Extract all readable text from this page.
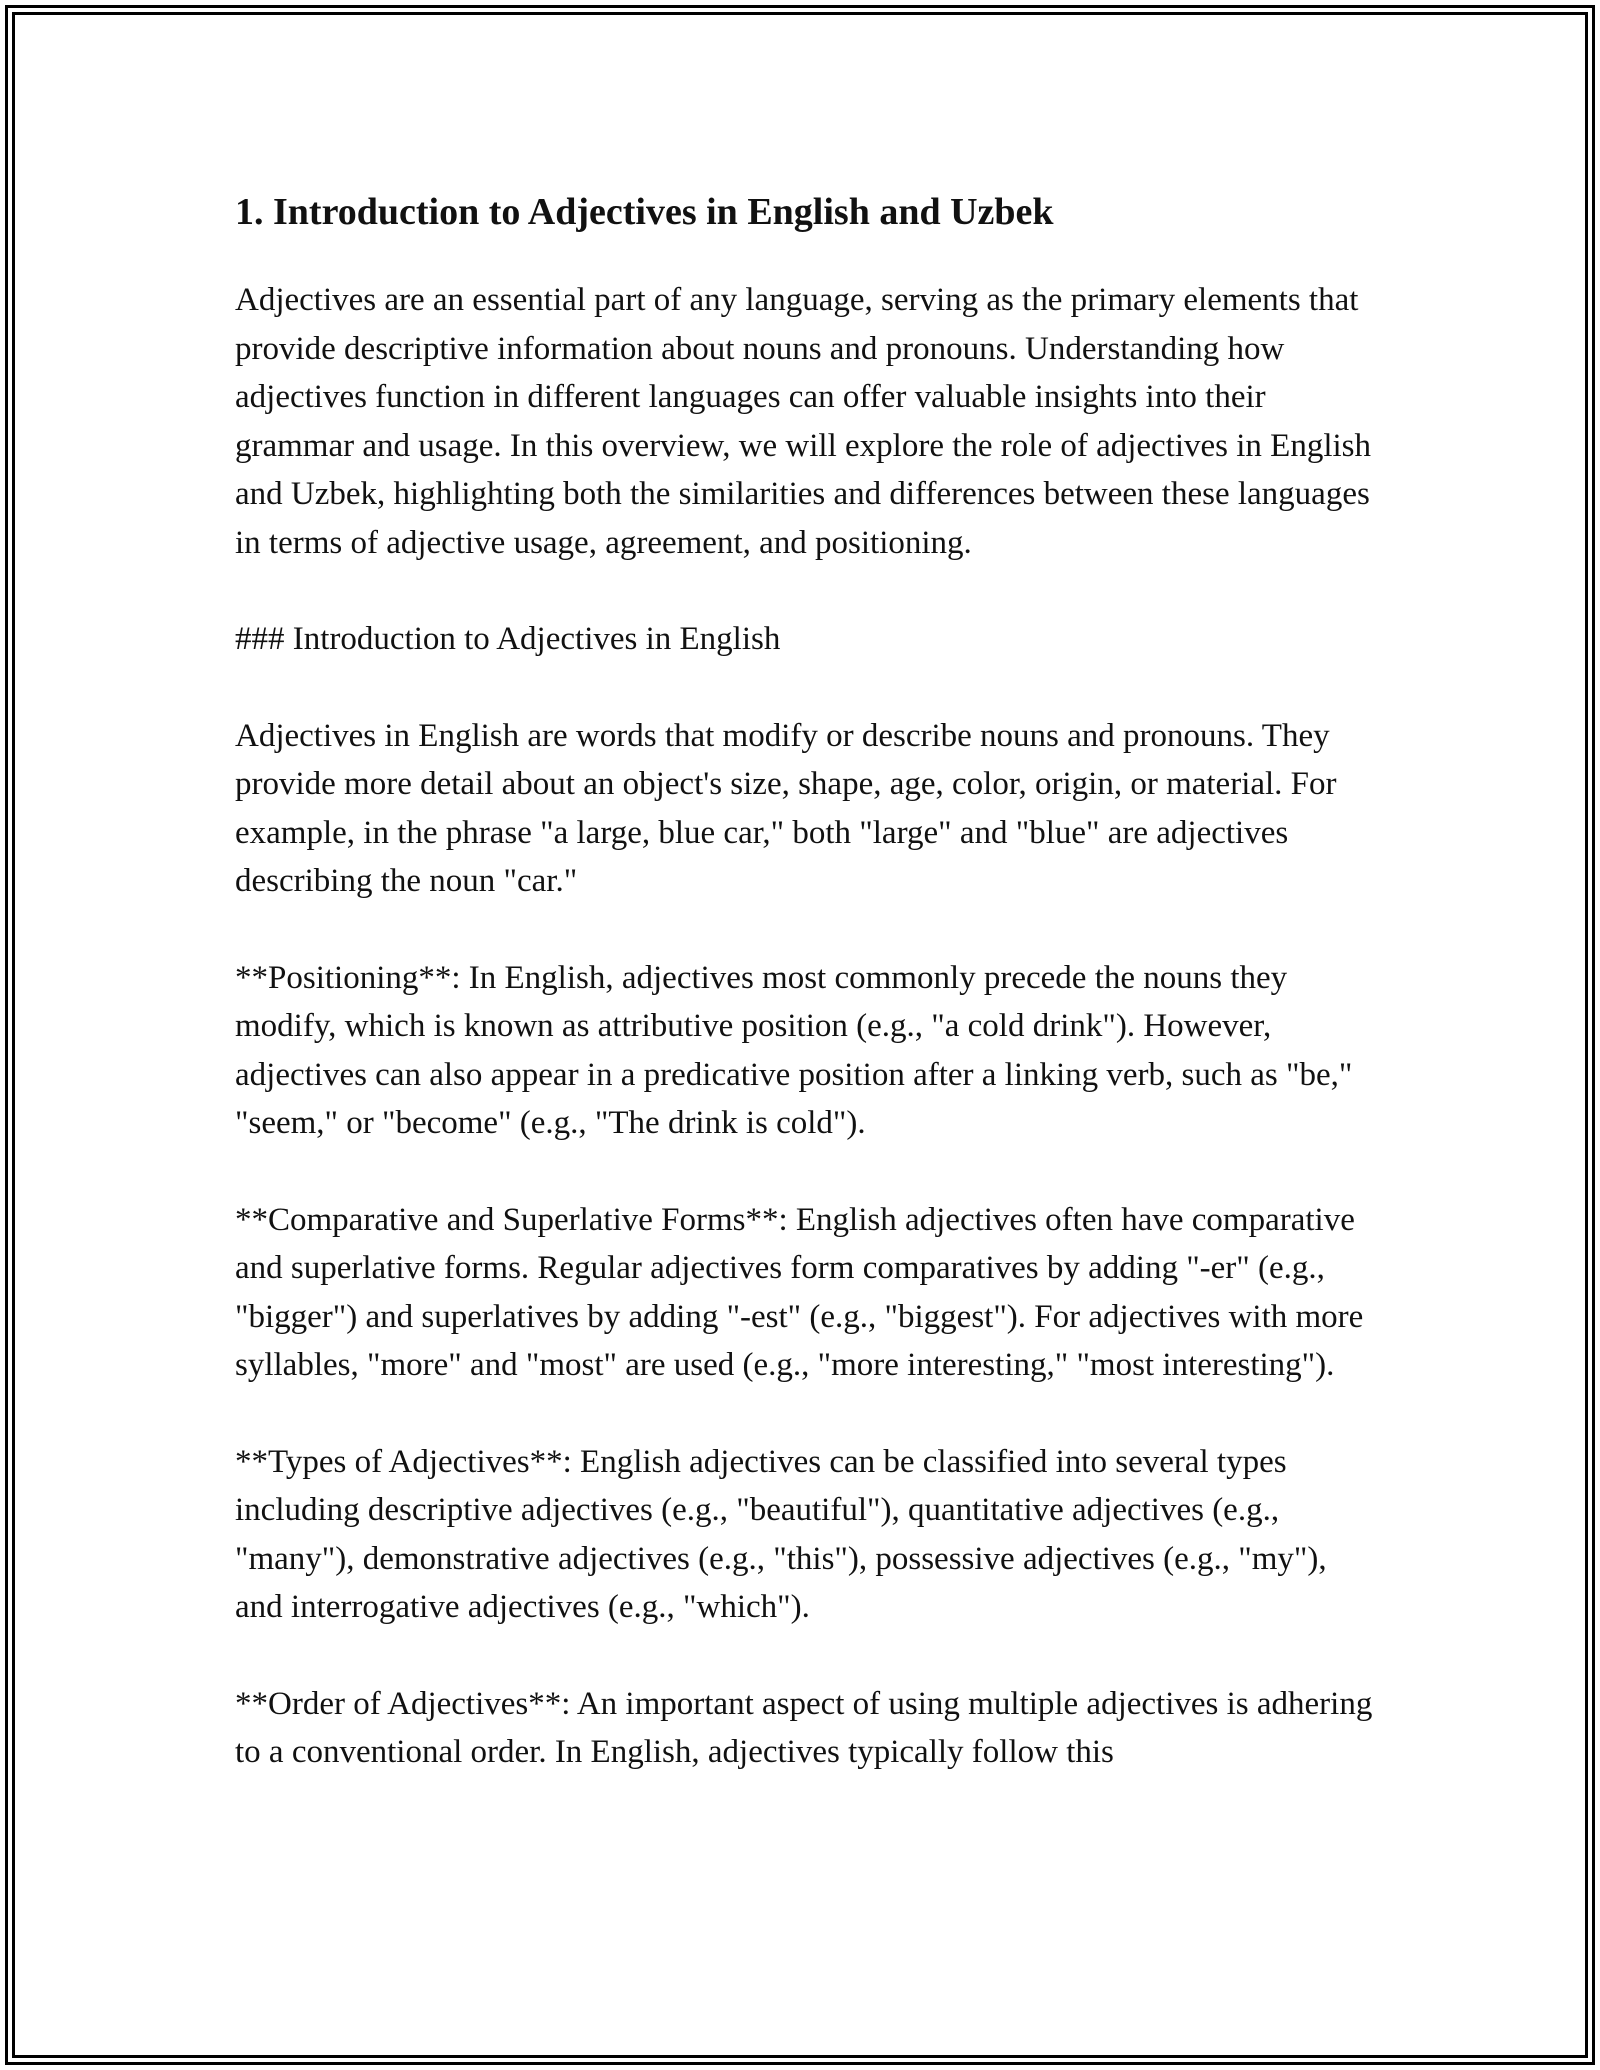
1. Introduction to Adjectives in English and Uzbek

Adjectives are an essential part of any language, serving as the primary elements that provide descriptive information about nouns and pronouns. Understanding how adjectives function in different languages can offer valuable insights into their grammar and usage. In this overview, we will explore the role of adjectives in English and Uzbek, highlighting both the similarities and differences between these languages in terms of adjective usage, agreement, and positioning.

### Introduction to Adjectives in English

Adjectives in English are words that modify or describe nouns and pronouns. They provide more detail about an object's size, shape, age, color, origin, or material. For example, in the phrase "a large, blue car," both "large" and "blue" are adjectives describing the noun "car."

**Positioning**: In English, adjectives most commonly precede the nouns they modify, which is known as attributive position (e.g., "a cold drink"). However, adjectives can also appear in a predicative position after a linking verb, such as "be," "seem," or "become" (e.g., "The drink is cold").

**Comparative and Superlative Forms**: English adjectives often have comparative and superlative forms. Regular adjectives form comparatives by adding "-er" (e.g., "bigger") and superlatives by adding "-est" (e.g., "biggest"). For adjectives with more syllables, "more" and "most" are used (e.g., "more interesting," "most interesting").

**Types of Adjectives**: English adjectives can be classified into several types including descriptive adjectives (e.g., "beautiful"), quantitative adjectives (e.g., "many"), demonstrative adjectives (e.g., "this"), possessive adjectives (e.g., "my"), and interrogative adjectives (e.g., "which").

**Order of Adjectives**: An important aspect of using multiple adjectives is adhering to a conventional order. In English, adjectives typically follow this
